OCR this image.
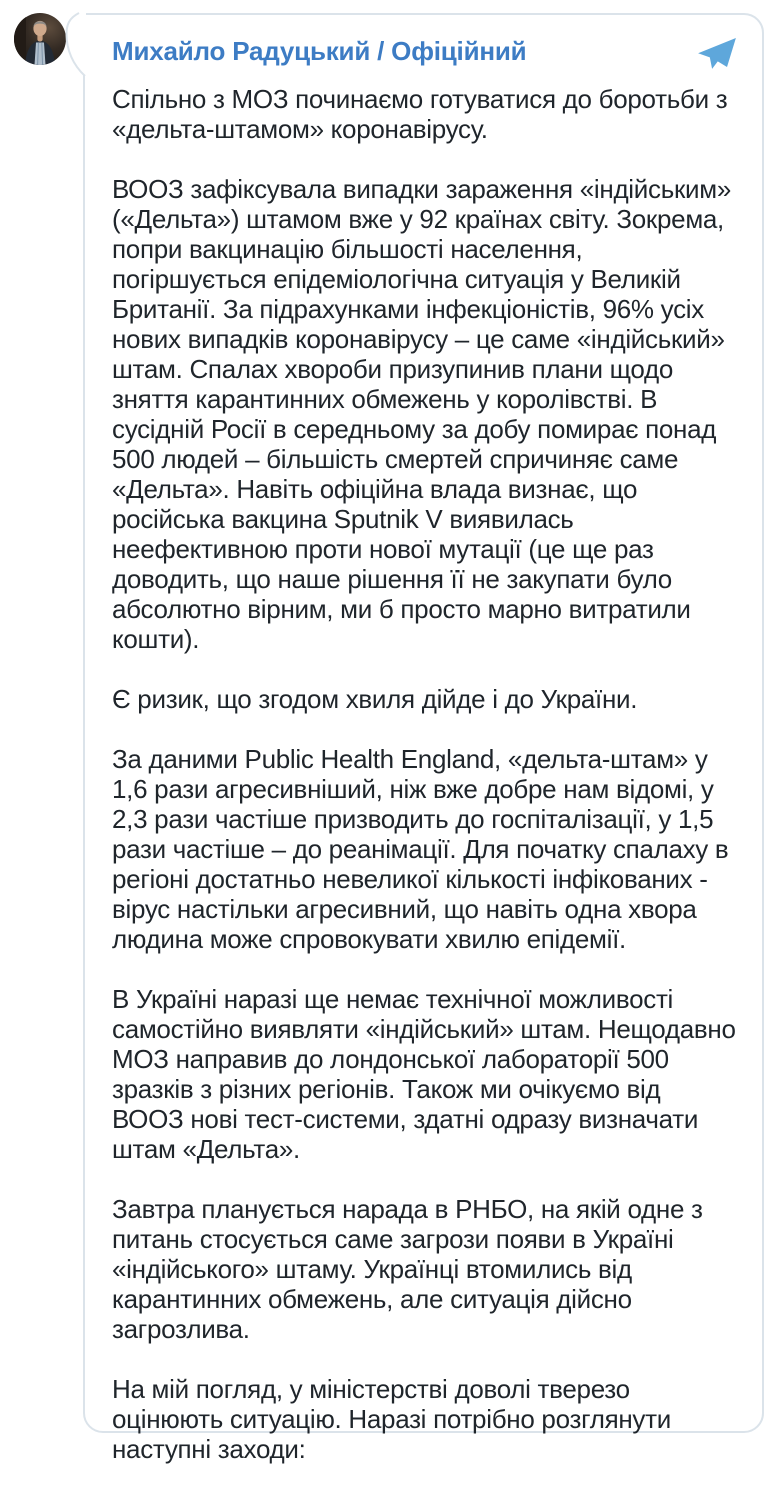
Михайло Радуцький / Офіційний

Спільно з МОЗ починаємо готуватися до боротьби з «дельта-штамом» коронавірусу.

ВООЗ зафіксувала випадки зараження «індійським» («Дельта») штамом вже у 92 країнах світу. Зокрема, попри вакцинацію більшості населення, погіршується епідеміологічна ситуація у Великій Британії. За підрахунками інфекціоністів, 96% усіх нових випадків коронавірусу – це саме «індійський» штам. Спалах хвороби призупинив плани щодо зняття карантинних обмежень у королівстві. В сусідній Росії в середньому за добу помирає понад 500 людей – більшість смертей спричиняє саме «Дельта». Навіть офіційна влада визнає, що російська вакцина Sputnik V виявилась неефективною проти нової мутації (це ще раз доводить, що наше рішення її не закупати було абсолютно вірним, ми б просто марно витратили кошти).

Є ризик, що згодом хвиля дійде і до України.

За даними Public Health England, «дельта-штам» у 1,6 рази агресивніший, ніж вже добре нам відомі, у 2,3 рази частіше призводить до госпіталізації, у 1,5 рази частіше – до реанімації. Для початку спалаху в регіоні достатньо невеликої кількості інфікованих - вірус настільки агресивний, що навіть одна хвора людина може спровокувати хвилю епідемії.

В Україні наразі ще немає технічної можливості самостійно виявляти «індійський» штам. Нещодавно МОЗ направив до лондонської лабораторії 500 зразків з різних регіонів. Також ми очікуємо від ВООЗ нові тест-системи, здатні одразу визначати штам «Дельта».

Завтра планується нарада в РНБО, на якій одне з питань стосується саме загрози появи в Україні «індійського» штаму. Українці втомились від карантинних обмежень, але ситуація дійсно загрозлива.

На мій погляд, у міністерстві доволі тверезо оцінюють ситуацію. Наразі потрібно розглянути наступні заходи:
